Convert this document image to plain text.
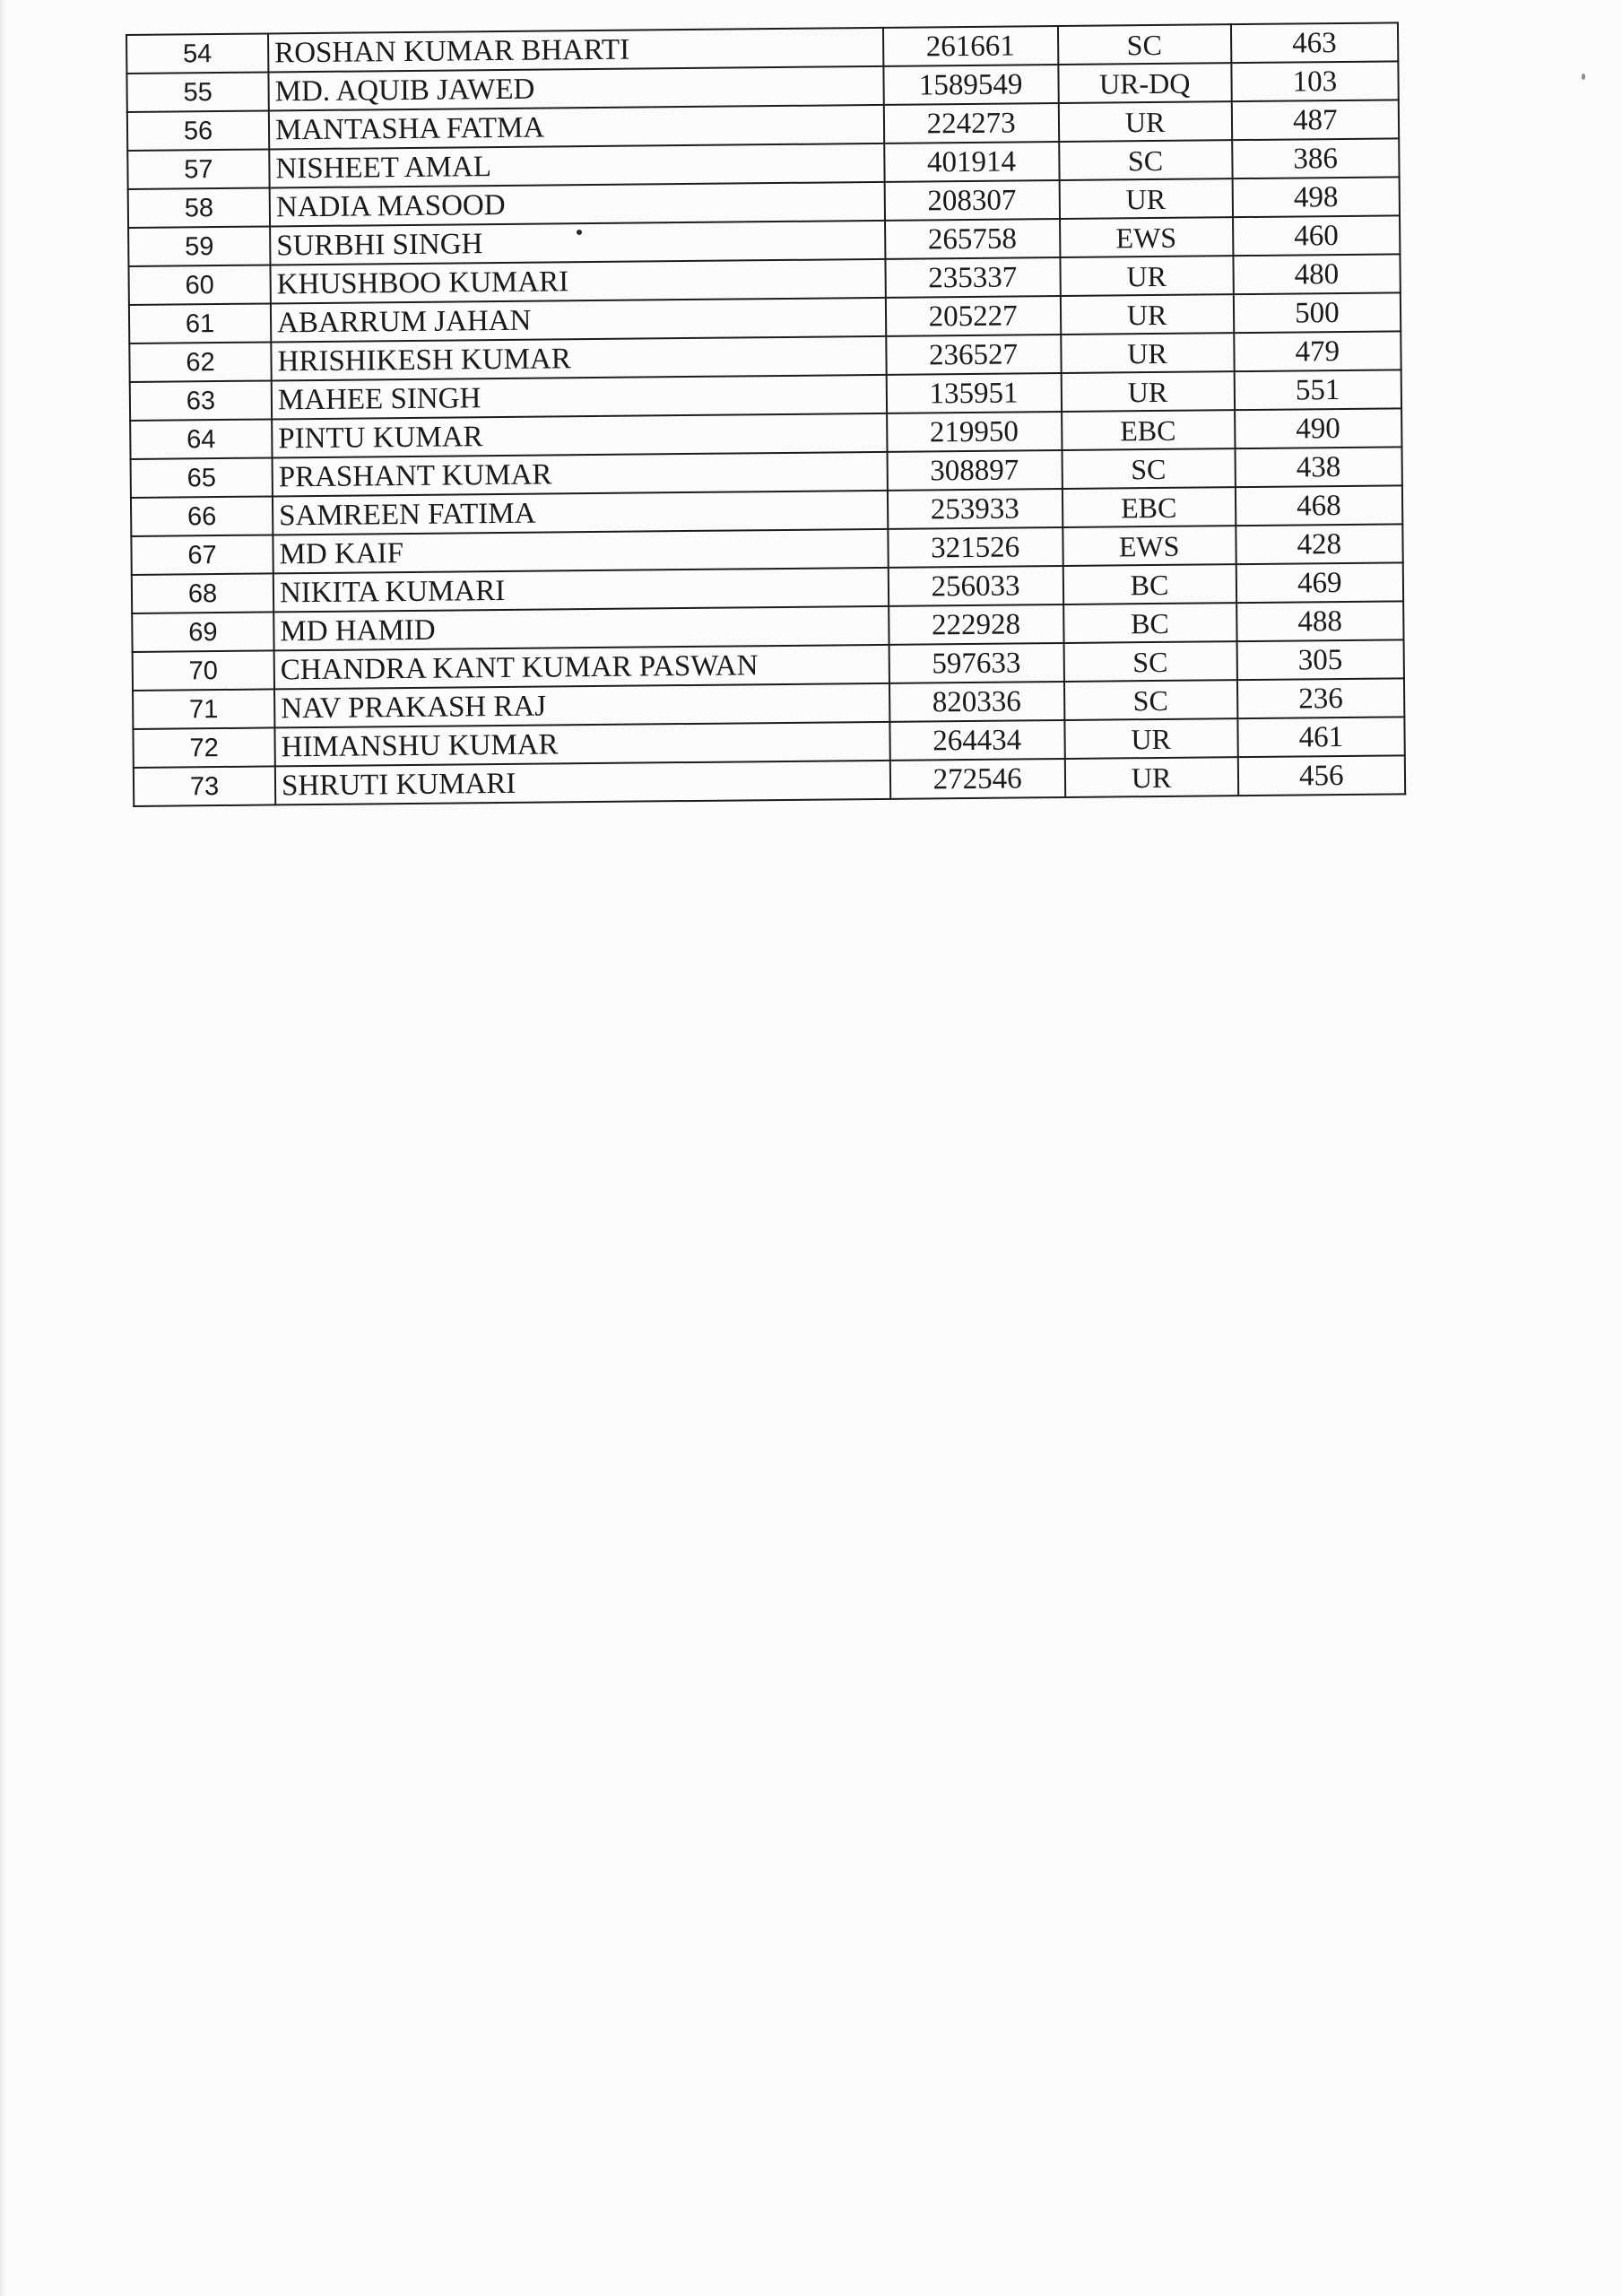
54	ROSHAN KUMAR BHARTI	261661	SC	463
55	MD. AQUIB JAWED	1589549	UR-DQ	103
56	MANTASHA FATMA	224273	UR	487
57	NISHEET AMAL	401914	SC	386
58	NADIA MASOOD	208307	UR	498
59	SURBHI SINGH	265758	EWS	460
60	KHUSHBOO KUMARI	235337	UR	480
61	ABARRUM JAHAN	205227	UR	500
62	HRISHIKESH KUMAR	236527	UR	479
63	MAHEE SINGH	135951	UR	551
64	PINTU KUMAR	219950	EBC	490
65	PRASHANT KUMAR	308897	SC	438
66	SAMREEN FATIMA	253933	EBC	468
67	MD KAIF	321526	EWS	428
68	NIKITA KUMARI	256033	BC	469
69	MD HAMID	222928	BC	488
70	CHANDRA KANT KUMAR PASWAN	597633	SC	305
71	NAV PRAKASH RAJ	820336	SC	236
72	HIMANSHU KUMAR	264434	UR	461
73	SHRUTI KUMARI	272546	UR	456
